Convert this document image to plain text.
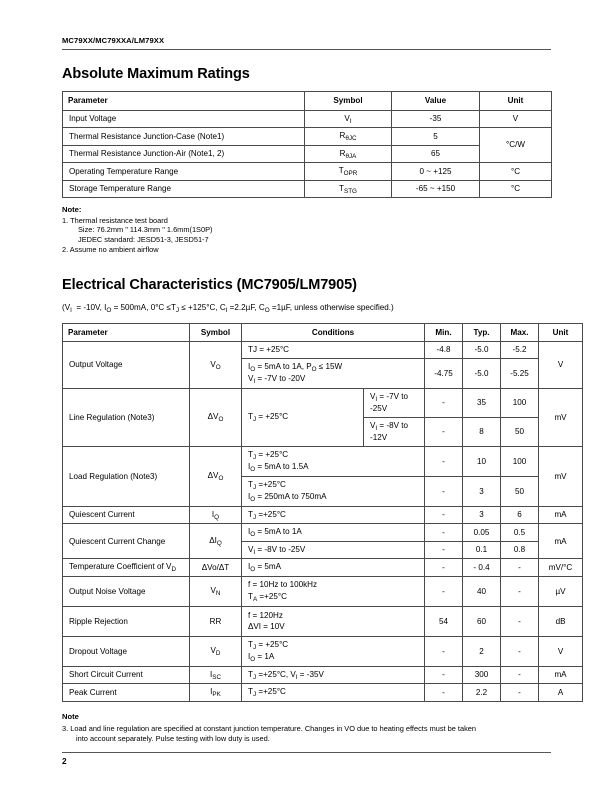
MC79XX/MC79XXA/LM79XX
Absolute Maximum Ratings
Parameter	Symbol	Value	Unit
Input Voltage	$V_I$	-35	V
Thermal Resistance Junction-Case (Note1)	$R_{\theta JC}$	5	°C/W
Thermal Resistance Junction-Air (Note1, 2)	$R_{\theta JA}$	65	
Operating Temperature Range	$T_{OPR}$	0 ~ +125	°C
Storage Temperature Range	$T_{STG}$	-65 ~ +150	°C
Note:
1. Thermal resistance test board
Size: 76.2mm " 114.3mm " 1.6mm(1S0P)
JEDEC standard: JESD51-3, JESD51-7
2. Assume no ambient airflow
Electrical Characteristics (MC7905/LM7905)
($V_I = -10V$, $I_O = 500mA$, $0^\circ C \le T_J \le +125^\circ C$, $C_I =2.2\mu F$, $C_O =1\mu F$, unless otherwise specified.)
Parameter	Symbol	Conditions		Min.	Typ.	Max.	Unit
Output Voltage	$V_O$	TJ = +25°C		-4.8	-5.0	-5.2	V

		$I_O = 5mA$ to 1A, $P_O \le 15W$
$V_I = -7V$ to -20V		-4.75	-5.0	-5.25	
Line Regulation (Note3)	$\Delta V_O$	$T_J = +25^\circ C$	$V_I = -7V$ to -25V	-	35	100	mV
			$V_I = -8V$ to -12V	-	8	50	
Load Regulation (Note3)	$\Delta V_O$	$T_J = +25^\circ C$
$I_O = 5mA$ to 1.5A		-	10	100	mV

		$T_J =+25^\circ C$
$I_O = 250mA$ to 750mA		-	3	50	
Quiescent Current	$I_Q$	$T_J =+25^\circ C$		-	3	6	mA
Quiescent Current Change	$\Delta I_Q$	$I_O = 5mA$ to 1A		-	0.05	0.5	mA
		$V_I = -8V$ to -25V		-	0.1	0.8	
Temperature Coefficient of $V_D$	ΔVo/ΔT	$I_O = 5mA$		-	- 0.4	-	mV/°C
Output Noise Voltage	$V_N$	f = 10Hz to 100kHz
$T_A =+25^\circ C$		-	40	-	µV
Ripple Rejection	RR	f = 120Hz
ΔVI = 10V		54	60	-	dB
Dropout Voltage	$V_D$	$T_J = +25^\circ C$
$I_O = 1A$		-	2	-	V
Short Circuit Current	$I_{SC}$	$T_J =+25^\circ C$, $V_I = -35V$		-	300	-	mA
Peak Current	$I_{PK}$	$T_J =+25^\circ C$		-	2.2	-	A
Note
3. Load and line regulation are specified at constant junction temperature. Changes in VO due to heating effects must be taken
into account separately. Pulse testing with low duty is used.
2
